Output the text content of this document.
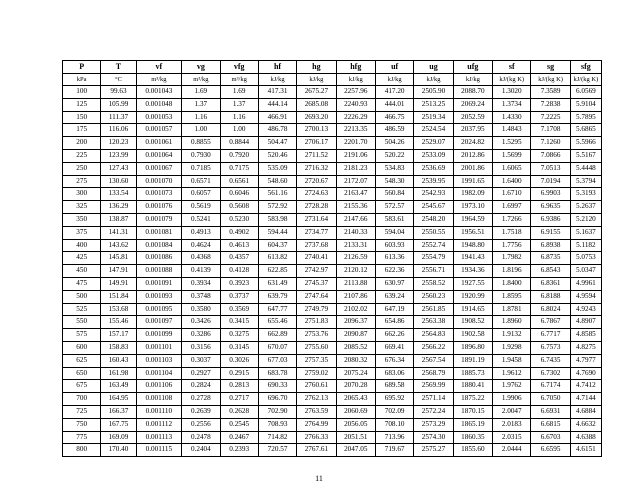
P	T	vf	vg	vfg	hf	hg	hfg	uf	ug	ufg	sf	sg	sfg
kPa	°C	m³/kg	m³/kg	m³/kg	kJ/kg	kJ/kg	kJ/kg	kJ/kg	kJ/kg	kJ/kg	kJ/(kg K)	kJ/(kg K)	kJ/(kg K)
100	99.63	0.001043	1.69	1.69	417.31	2675.27	2257.96	417.20	2505.90	2088.70	1.3020	7.3589	6.0569
125	105.99	0.001048	1.37	1.37	444.14	2685.08	2240.93	444.01	2513.25	2069.24	1.3734	7.2838	5.9104
150	111.37	0.001053	1.16	1.16	466.91	2693.20	2226.29	466.75	2519.34	2052.59	1.4330	7.2225	5.7895
175	116.06	0.001057	1.00	1.00	486.78	2700.13	2213.35	486.59	2524.54	2037.95	1.4843	7.1708	5.6865
200	120.23	0.001061	0.8855	0.8844	504.47	2706.17	2201.70	504.26	2529.07	2024.82	1.5295	7.1260	5.5966
225	123.99	0.001064	0.7930	0.7920	520.46	2711.52	2191.06	520.22	2533.09	2012.86	1.5699	7.0866	5.5167
250	127.43	0.001067	0.7185	0.7175	535.09	2716.32	2181.23	534.83	2536.69	2001.86	1.6065	7.0513	5.4448
275	130.60	0.001070	0.6571	0.6561	548.60	2720.67	2172.07	548.30	2539.95	1991.65	1.6400	7.0194	5.3794
300	133.54	0.001073	0.6057	0.6046	561.16	2724.63	2163.47	560.84	2542.93	1982.09	1.6710	6.9903	5.3193
325	136.29	0.001076	0.5619	0.5608	572.92	2728.28	2155.36	572.57	2545.67	1973.10	1.6997	6.9635	5.2637
350	138.87	0.001079	0.5241	0.5230	583.98	2731.64	2147.66	583.61	2548.20	1964.59	1.7266	6.9386	5.2120
375	141.31	0.001081	0.4913	0.4902	594.44	2734.77	2140.33	594.04	2550.55	1956.51	1.7518	6.9155	5.1637
400	143.62	0.001084	0.4624	0.4613	604.37	2737.68	2133.31	603.93	2552.74	1948.80	1.7756	6.8938	5.1182
425	145.81	0.001086	0.4368	0.4357	613.82	2740.41	2126.59	613.36	2554.79	1941.43	1.7982	6.8735	5.0753
450	147.91	0.001088	0.4139	0.4128	622.85	2742.97	2120.12	622.36	2556.71	1934.36	1.8196	6.8543	5.0347
475	149.91	0.001091	0.3934	0.3923	631.49	2745.37	2113.88	630.97	2558.52	1927.55	1.8400	6.8361	4.9961
500	151.84	0.001093	0.3748	0.3737	639.79	2747.64	2107.86	639.24	2560.23	1920.99	1.8595	6.8188	4.9594
525	153.68	0.001095	0.3580	0.3569	647.77	2749.79	2102.02	647.19	2561.85	1914.65	1.8781	6.8024	4.9243
550	155.46	0.001097	0.3426	0.3415	655.46	2751.83	2096.37	654.86	2563.38	1908.52	1.8960	6.7867	4.8907
575	157.17	0.001099	0.3286	0.3275	662.89	2753.76	2090.87	662.26	2564.83	1902.58	1.9132	6.7717	4.8585
600	158.83	0.001101	0.3156	0.3145	670.07	2755.60	2085.52	669.41	2566.22	1896.80	1.9298	6.7573	4.8275
625	160.43	0.001103	0.3037	0.3026	677.03	2757.35	2080.32	676.34	2567.54	1891.19	1.9458	6.7435	4.7977
650	161.98	0.001104	0.2927	0.2915	683.78	2759.02	2075.24	683.06	2568.79	1885.73	1.9612	6.7302	4.7690
675	163.49	0.001106	0.2824	0.2813	690.33	2760.61	2070.28	689.58	2569.99	1880.41	1.9762	6.7174	4.7412
700	164.95	0.001108	0.2728	0.2717	696.70	2762.13	2065.43	695.92	2571.14	1875.22	1.9906	6.7050	4.7144
725	166.37	0.001110	0.2639	0.2628	702.90	2763.59	2060.69	702.09	2572.24	1870.15	2.0047	6.6931	4.6884
750	167.75	0.001112	0.2556	0.2545	708.93	2764.99	2056.05	708.10	2573.29	1865.19	2.0183	6.6815	4.6632
775	169.09	0.001113	0.2478	0.2467	714.82	2766.33	2051.51	713.96	2574.30	1860.35	2.0315	6.6703	4.6388
800	170.40	0.001115	0.2404	0.2393	720.57	2767.61	2047.05	719.67	2575.27	1855.60	2.0444	6.6595	4.6151
11
